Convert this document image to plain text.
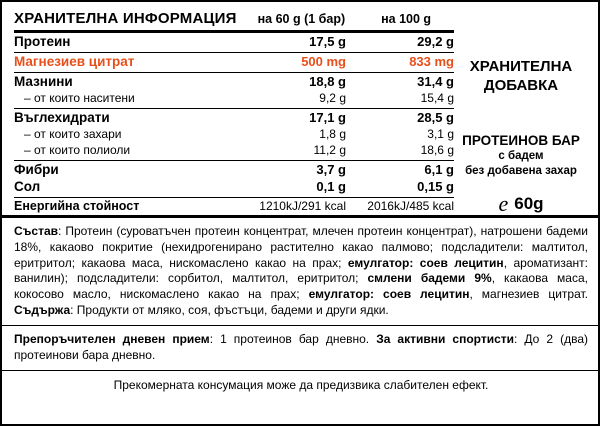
ХРАНИТЕЛНА ИНФОРМАЦИЯ	на 60 g (1 бар)	на 100 g
Протеин	17,5 g	29,2 g

Магнезиев цитрат	500 mg	833 mg

Мазнини	18,8 g	31,4 g
– от които наситени	9,2 g	15,4 g

Въглехидрати	17,1 g	28,5 g
– от които захари	1,8 g	3,1 g
– от които полиоли	11,2 g	18,6 g

Фибри	3,7 g	6,1 g
Сол	0,1 g	0,15 g

Енергийна стойност	1210kJ/291 kcal	2016kJ/485 kcal
ХРАНИТЕЛНА
ДОБАВКА
ПРОТЕИНОВ БАР
с бадем
без добавена захар
e 60g
Състав: Протеин (суроватъчен протеин концентрат, млечен протеин концентрат), натрошени бадеми 18%, какаово покритие (нехидрогенирано растително какао палмово; подсладители: малтитол, еритритол; какаова маса, нискомаслено какао на прах; емулгатор: соев лецитин, ароматизант: ванилин); подсладители: сорбитол, малтитол, еритритол; смлени бадеми 9%, какаова маса, кокосово масло, нискомаслено какао на прах; емулгатор: соев лецитин, магнезиев цитрат. Съдържа: Продукти от мляко, соя, фъстъци, бадеми и други ядки.
Препоръчителен дневен прием: 1 протеинов бар дневно. За активни спортисти: До 2 (два) протеинови бара дневно.
Прекомерната консумация може да предизвика слабителен ефект.
